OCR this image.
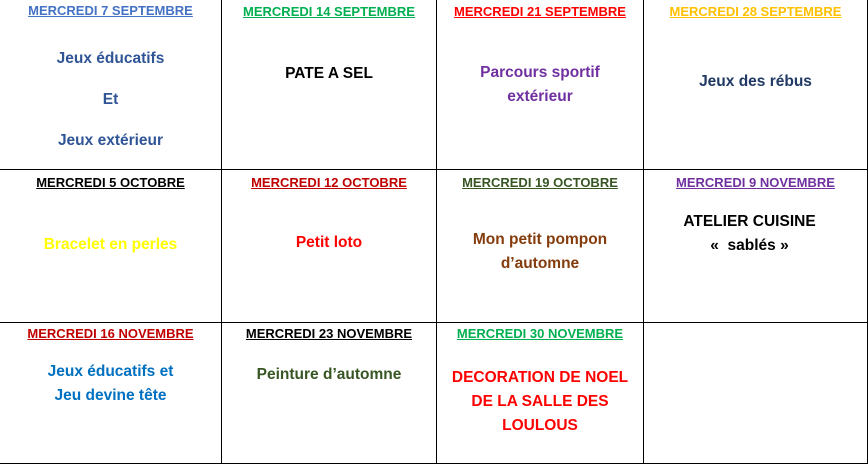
MERCREDI 7 SEPTEMBRE
Jeux éducatifs
Et
Jeux extérieur
MERCREDI 14 SEPTEMBRE
PATE A SEL
MERCREDI 21 SEPTEMBRE
Parcours sportif
extérieur
MERCREDI 28 SEPTEMBRE
Jeux des rébus
MERCREDI 5 OCTOBRE
Bracelet en perles
MERCREDI 12 OCTOBRE
Petit loto
MERCREDI 19 OCTOBRE
Mon petit pompon
d’automne
MERCREDI 9 NOVEMBRE
ATELIER CUISINE
«  sablés »
MERCREDI 16 NOVEMBRE
Jeux éducatifs et
Jeu devine tête
MERCREDI 23 NOVEMBRE
Peinture d’automne
MERCREDI 30 NOVEMBRE
DECORATION DE NOEL
DE LA SALLE DES
LOULOUS
